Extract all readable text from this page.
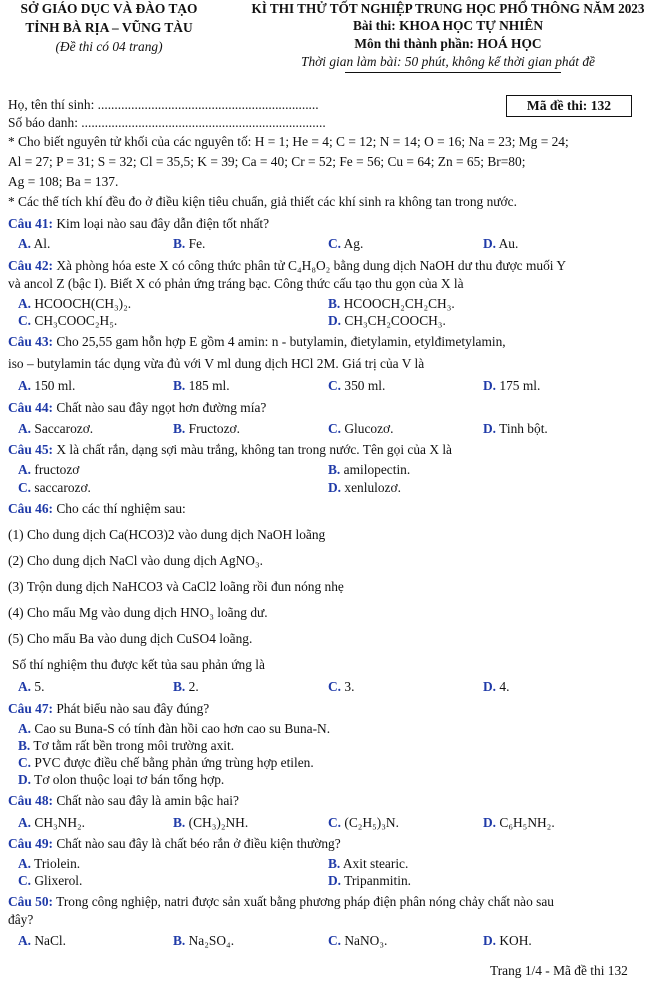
SỞ GIÁO DỤC VÀ ĐÀO TẠO
TỈNH BÀ RỊA – VŨNG TÀU
(Đề thi có 04 trang)
KÌ THI THỬ TỐT NGHIỆP TRUNG HỌC PHỔ THÔNG NĂM 2023
Bài thi: KHOA HỌC TỰ NHIÊN
Môn thi thành phần: HOÁ HỌC
Thời gian làm bài: 50 phút, không kể thời gian phát đề
Họ, tên thí sinh: ..................................................................
Số báo danh: .........................................................................
Mã đề thi: 132
* Cho biết nguyên tử khối của các nguyên tố: H = 1; He = 4; C = 12; N = 14; O = 16; Na = 23; Mg = 24;
Al = 27; P = 31; S = 32; Cl = 35,5; K = 39; Ca = 40; Cr = 52; Fe = 56; Cu = 64; Zn = 65; Br=80;
Ag = 108; Ba = 137.
* Các thể tích khí đều đo ở điều kiện tiêu chuẩn, giả thiết các khí sinh ra không tan trong nước.
Câu 41: Kim loại nào sau đây dẫn điện tốt nhất?
A. Al.	B. Fe.	C. Ag.	D. Au.
Câu 42: Xà phòng hóa este X có công thức phân tử C₄H₈O₂ bằng dung dịch NaOH dư thu được muối Y
và ancol Z (bậc I). Biết X có phản ứng tráng bạc. Công thức cấu tạo thu gọn của X là
A. HCOOCH(CH₃)₂.	B. HCOOCH₂CH₂CH₃.
C. CH₃COOC₂H₅.	D. CH₃CH₂COOCH₃.
Câu 43: Cho 25,55 gam hỗn hợp E gồm 4 amin: n - butylamin, đietylamin, etylđimetylamin,
iso – butylamin tác dụng vừa đủ với V ml dung dịch HCl 2M. Giá trị của V là
A. 150 ml.	B. 185 ml.	C. 350 ml.	D. 175 ml.
Câu 44: Chất nào sau đây ngọt hơn đường mía?
A. Saccarozơ.	B. Fructozơ.	C. Glucozơ.	D. Tinh bột.
Câu 45: X là chất rắn, dạng sợi màu trắng, không tan trong nước. Tên gọi của X là
A. fructozơ	B. amilopectin.
C. saccarozơ.	D. xenlulozơ.
Câu 46: Cho các thí nghiệm sau:
(1) Cho dung dịch Ca(HCO3)2 vào dung dịch NaOH loãng
(2) Cho dung dịch NaCl vào dung dịch AgNO₃.
(3) Trộn dung dịch NaHCO3 và CaCl2 loãng rồi đun nóng nhẹ
(4) Cho mẩu Mg vào dung dịch HNO₃ loãng dư.
(5) Cho mẩu Ba vào dung dịch CuSO4 loãng.
Số thí nghiệm thu được kết tủa sau phản ứng là
A. 5.	B. 2.	C. 3.	D. 4.
Câu 47: Phát biểu nào sau đây đúng?
A. Cao su Buna-S có tính đàn hồi cao hơn cao su Buna-N.
B. Tơ tằm rất bền trong môi trường axit.
C. PVC được điều chế bằng phản ứng trùng hợp etilen.
D. Tơ olon thuộc loại tơ bán tổng hợp.
Câu 48: Chất nào sau đây là amin bậc hai?
A. CH₃NH₂.	B. (CH₃)₂NH.	C. (C₂H₅)₃N.	D. C₆H₅NH₂.
Câu 49: Chất nào sau đây là chất béo rắn ở điều kiện thường?
A. Triolein.	B. Axit stearic.
C. Glixerol.	D. Tripanmitin.
Câu 50: Trong công nghiệp, natri được sản xuất bằng phương pháp điện phân nóng chảy chất nào sau
đây?
A. NaCl.	B. Na₂SO₄.	C. NaNO₃.	D. KOH.
Trang 1/4 - Mã đề thi 132
